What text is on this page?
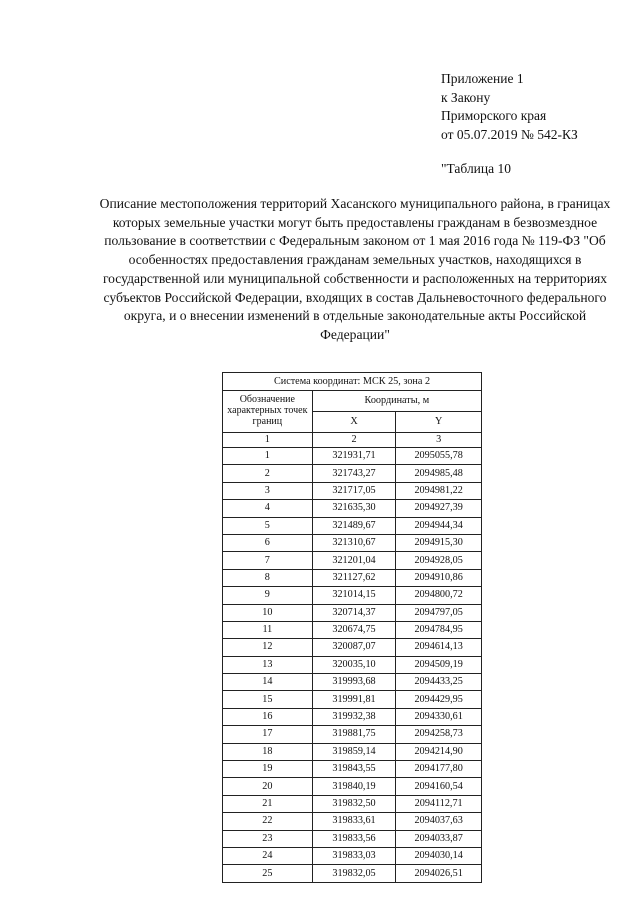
Приложение 1
к Закону
Приморского края
от 05.07.2019 № 542-КЗ
"Таблица 10
Описание местоположения территорий Хасанского муниципального района, в границах которых земельные участки могут быть предоставлены гражданам в безвозмездное пользование в соответствии с Федеральным законом от 1 мая 2016 года № 119-ФЗ "Об особенностях предоставления гражданам земельных участков, находящихся в государственной или муниципальной собственности и расположенных на территориях субъектов Российской Федерации, входящих в состав Дальневосточного федерального округа, и о внесении изменений в отдельные законодательные акты Российской Федерации"
Система координат: МСК 25, зона 2		
Обозначение характерных точек границ	Координаты, м	
	X	Y
1	2	3
1	321931,71	2095055,78
2	321743,27	2094985,48
3	321717,05	2094981,22
4	321635,30	2094927,39
5	321489,67	2094944,34
6	321310,67	2094915,30
7	321201,04	2094928,05
8	321127,62	2094910,86
9	321014,15	2094800,72
10	320714,37	2094797,05
11	320674,75	2094784,95
12	320087,07	2094614,13
13	320035,10	2094509,19
14	319993,68	2094433,25
15	319991,81	2094429,95
16	319932,38	2094330,61
17	319881,75	2094258,73
18	319859,14	2094214,90
19	319843,55	2094177,80
20	319840,19	2094160,54
21	319832,50	2094112,71
22	319833,61	2094037,63
23	319833,56	2094033,87
24	319833,03	2094030,14
25	319832,05	2094026,51
